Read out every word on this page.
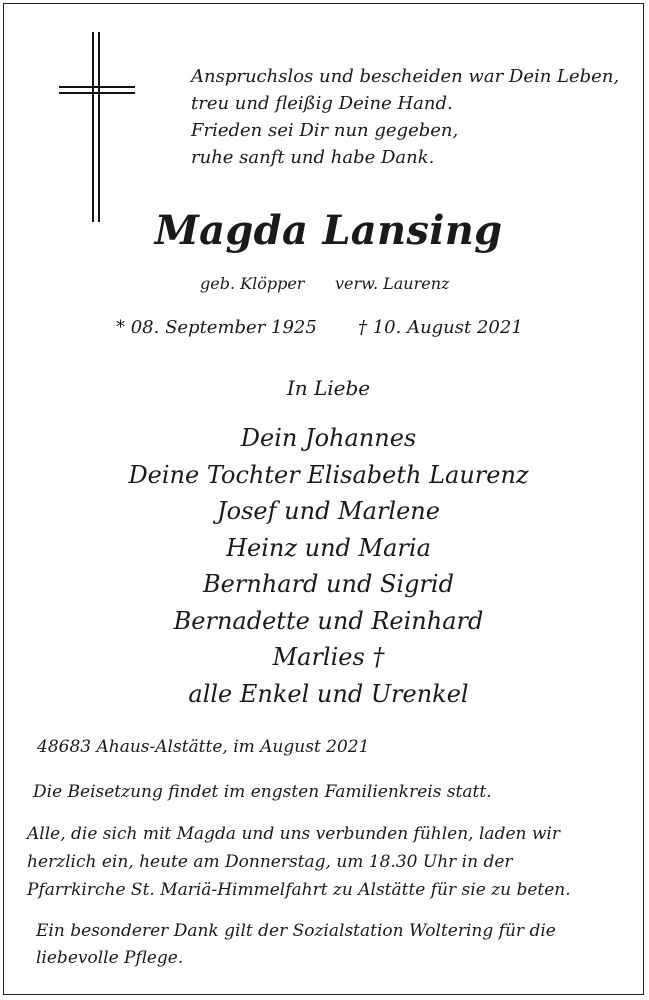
Anspruchslos und bescheiden war Dein Leben,
treu und fleißig Deine Hand.
Frieden sei Dir nun gegeben,
ruhe sanft und habe Dank.
Magda Lansing
geb. Klöpper verw. Laurenz
* 08. September 1925 † 10. August 2021
In Liebe
Dein Johannes
Deine Tochter Elisabeth Laurenz
Josef und Marlene
Heinz und Maria
Bernhard und Sigrid
Bernadette und Reinhard
Marlies †
alle Enkel und Urenkel
48683 Ahaus-Alstätte, im August 2021
Die Beisetzung findet im engsten Familienkreis statt.
Alle, die sich mit Magda und uns verbunden fühlen, laden wir
herzlich ein, heute am Donnerstag, um 18.30 Uhr in der
Pfarrkirche St. Mariä-Himmelfahrt zu Alstätte für sie zu beten.
Ein besonderer Dank gilt der Sozialstation Woltering für die
liebevolle Pflege.
